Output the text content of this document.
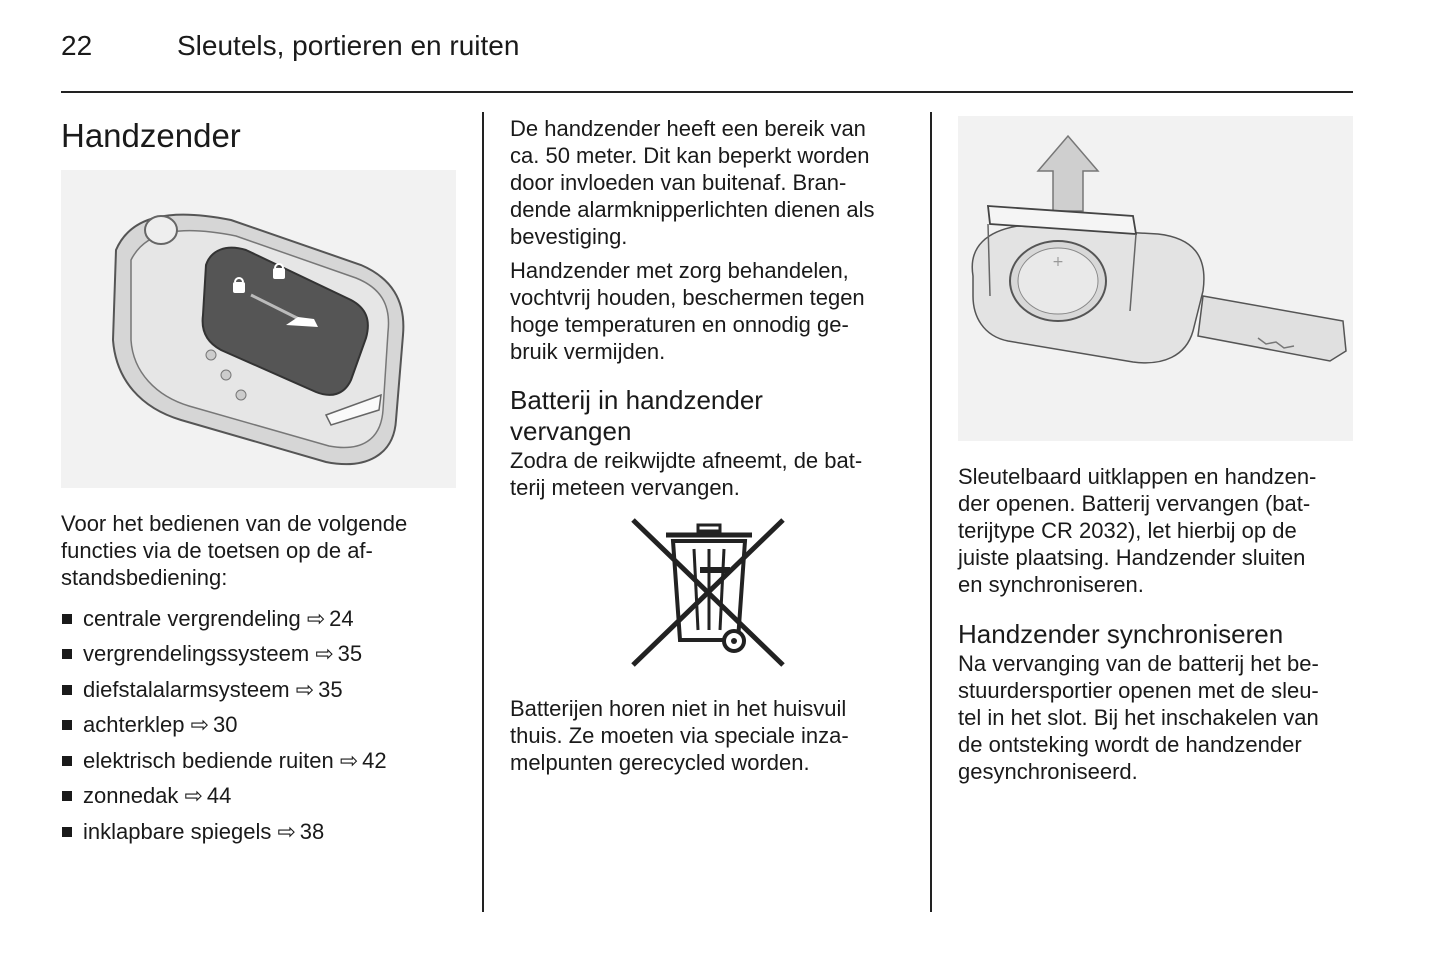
22	Sleutels, portieren en ruiten
Handzender

Voor het bedienen van de volgende
functies via de toetsen op de af-
standsbediening:

centrale vergrendeling ⇨ 24
vergrendelingssysteem ⇨ 35
diefstalalarmsysteem ⇨ 35
achterklep ⇨ 30
elektrisch bediende ruiten ⇨ 42
zonnedak ⇨ 44
inklapbare spiegels ⇨ 38

De handzender heeft een bereik van
ca. 50 meter. Dit kan beperkt worden
door invloeden van buitenaf. Bran-
dende alarmknipperlichten dienen als
bevestiging.

Handzender met zorg behandelen,
vochtvrij houden, beschermen tegen
hoge temperaturen en onnodig ge-
bruik vermijden.

Batterij in handzender
vervangen

Zodra de reikwijdte afneemt, de bat-
terij meteen vervangen.

Batterijen horen niet in het huisvuil
thuis. Ze moeten via speciale inza-
melpunten gerecycled worden.

+

Sleutelbaard uitklappen en handzen-
der openen. Batterij vervangen (bat-
terijtype CR 2032), let hierbij op de
juiste plaatsing. Handzender sluiten
en synchroniseren.

Handzender synchroniseren

Na vervanging van de batterij het be-
stuurdersportier openen met de sleu-
tel in het slot. Bij het inschakelen van
de ontsteking wordt de handzender
gesynchroniseerd.
